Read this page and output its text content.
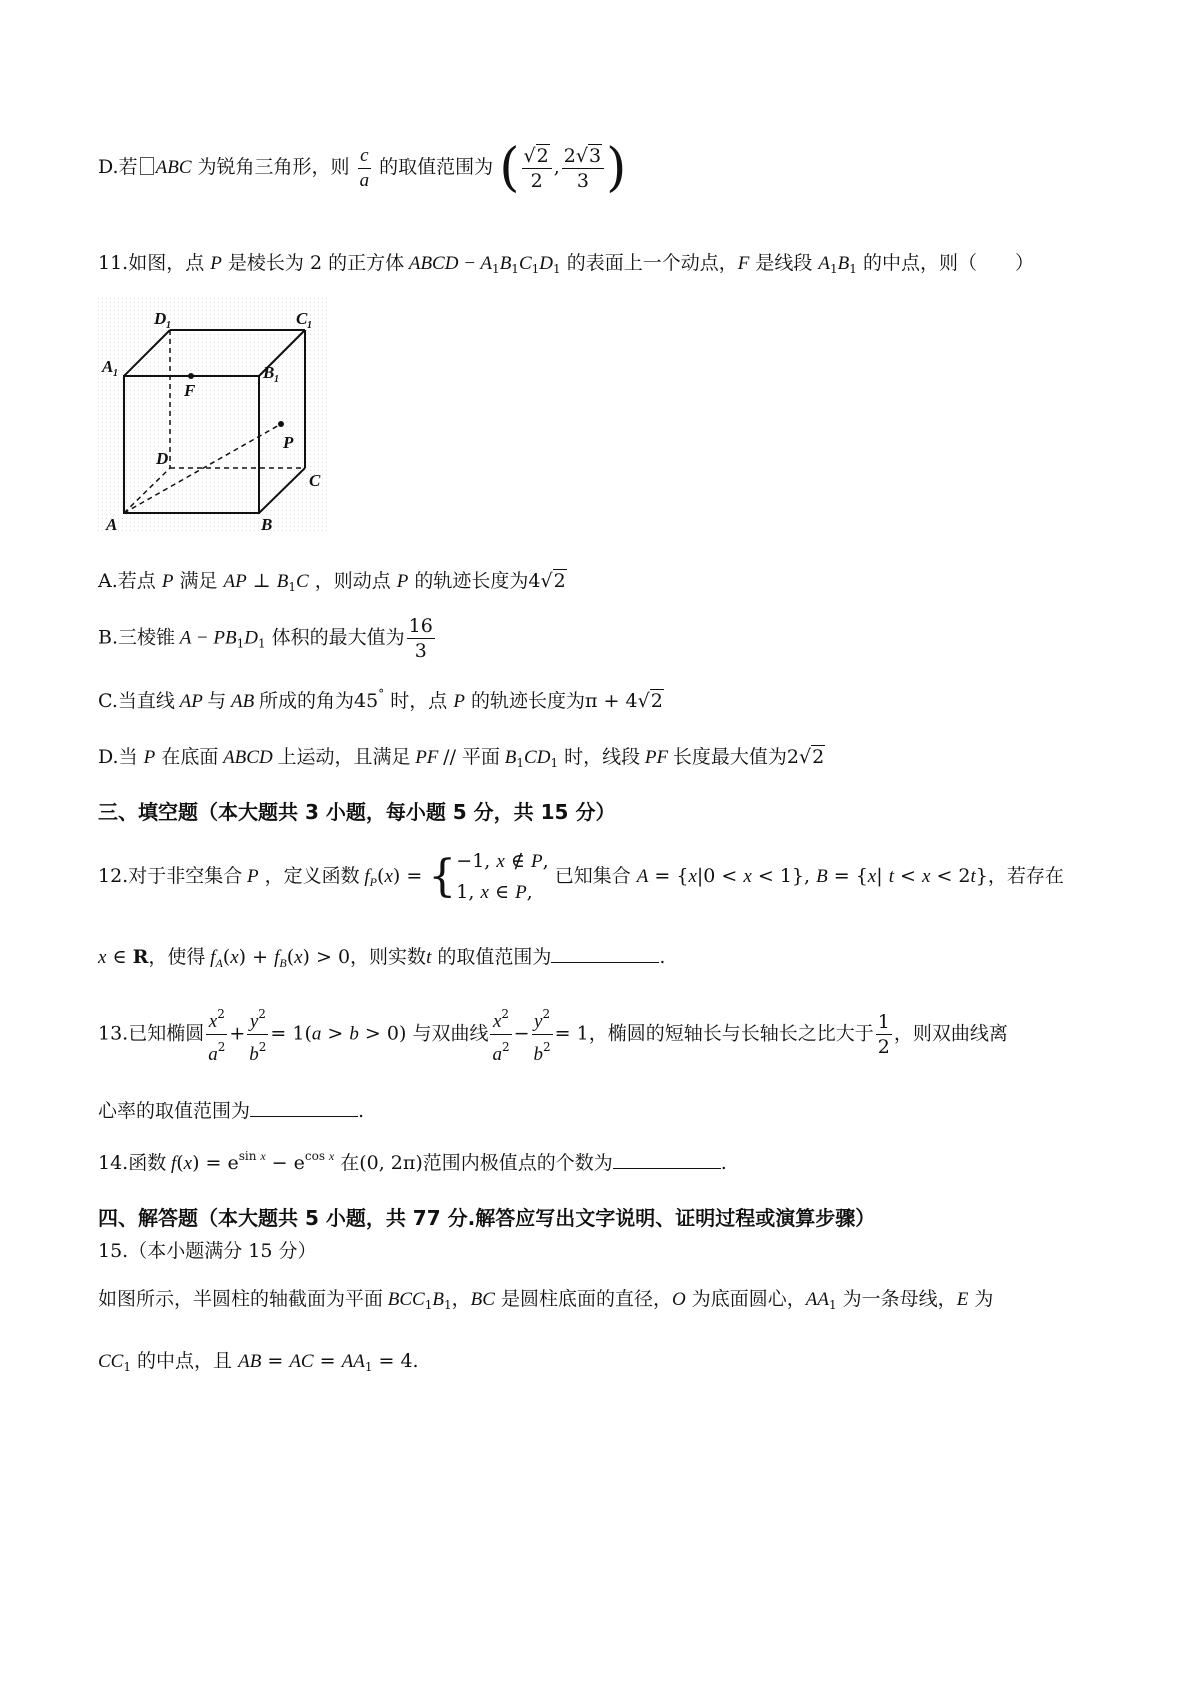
D.若 ABC 为锐角三角形，则 $\frac{c}{a}$ 的取值范围为 ( $\frac{√2}{2}$ , $\frac{2√3}{3}$ )
11.如图，点 P 是棱长为 2 的正方体 ABCD − $A_1B_1C_1D_1$ 的表面上一个动点，F 是线段 $A_1B_1$ 的中点，则（　　）
D 1	C 1
A 1	B 1
F
P
D
C
A	B
A.若点 P 满足 AP ⊥ $B_1C$ ，则动点 P 的轨迹长度为4√2
B.三棱锥 $A - PB_1D_1$ 体积的最大值为 $\frac{16}{3}$
C.当直线 AP 与 AB 所成的角为45° 时，点 P 的轨迹长度为π + 4√2
D.当 P 在底面 ABCD 上运动，且满足 PF // 平面 $B_1CD_1$ 时，线段 PF 长度最大值为2√2
三、填空题（本大题共 3 小题，每小题 5 分，共 15 分）
12.对于非空集合 P ，定义函数 $f_P(x)$ = { −1, x ∉ P,
1, x ∈ P,
已知集合 A = {x|0 < x < 1}, B = {x| t < x < 2t}，若存在
x ∈ R，使得 $f_A(x) + f_B(x) > 0$，则实数t 的取值范围为	.
13.已知椭圆 $\frac{x^2}{a^2} + \frac{y^2}{b^2} = 1(a > b > 0)$ 与双曲线 $\frac{x^2}{a^2} - \frac{y^2}{b^2} = 1$，椭圆的短轴长与长轴长之比大于 $\frac{1}{2}$ ，则双曲线离
心率的取值范围为	.
14.函数 $f(x) = e^{sin x} - e^{cos x}$ 在(0, 2π)范围内极值点的个数为	.
四、解答题（本大题共 5 小题，共 77 分.解答应写出文字说明、证明过程或演算步骤）
15.（本小题满分 15 分）
如图所示，半圆柱的轴截面为平面 $BCC_1B_1$，BC 是圆柱底面的直径，O 为底面圆心，$AA_1$ 为一条母线，E 为
$CC_1$ 的中点，且 AB = AC = $AA_1 = 4$.
